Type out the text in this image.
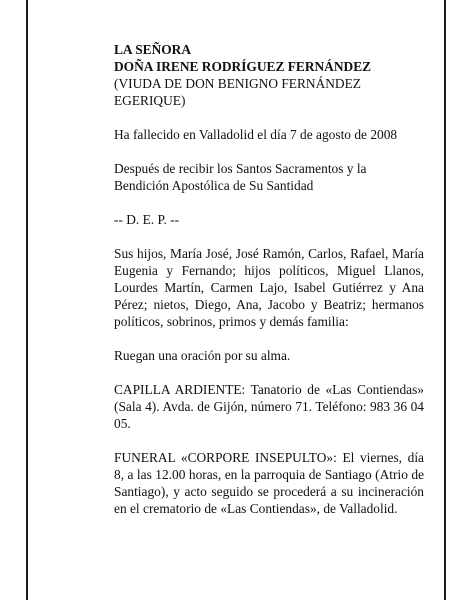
LA SEÑORA
DOÑA IRENE RODRÍGUEZ FERNÁNDEZ
(VIUDA DE DON BENIGNO FERNÁNDEZ
EGERIQUE)

Ha fallecido en Valladolid el día 7 de agosto de 2008

Después de recibir los Santos Sacramentos y la Bendición Apostólica de Su Santidad

-- D. E. P. --

Sus hijos, María José, José Ramón, Carlos, Rafael, María Eugenia y Fernando; hijos políticos, Miguel Llanos, Lourdes Martín, Carmen Lajo, Isabel Gutiérrez y Ana Pérez; nietos, Diego, Ana, Jacobo y Beatriz; hermanos políticos, sobrinos, primos y demás familia:

Ruegan una oración por su alma.

CAPILLA ARDIENTE: Tanatorio de «Las Contiendas» (Sala 4). Avda. de Gijón, número 71. Teléfono: 983 36 04 05.

FUNERAL «CORPORE INSEPULTO»: El viernes, día 8, a las 12.00 horas, en la parroquia de Santiago (Atrio de Santiago), y acto seguido se procederá a su incineración en el crematorio de «Las Contiendas», de Valladolid.
